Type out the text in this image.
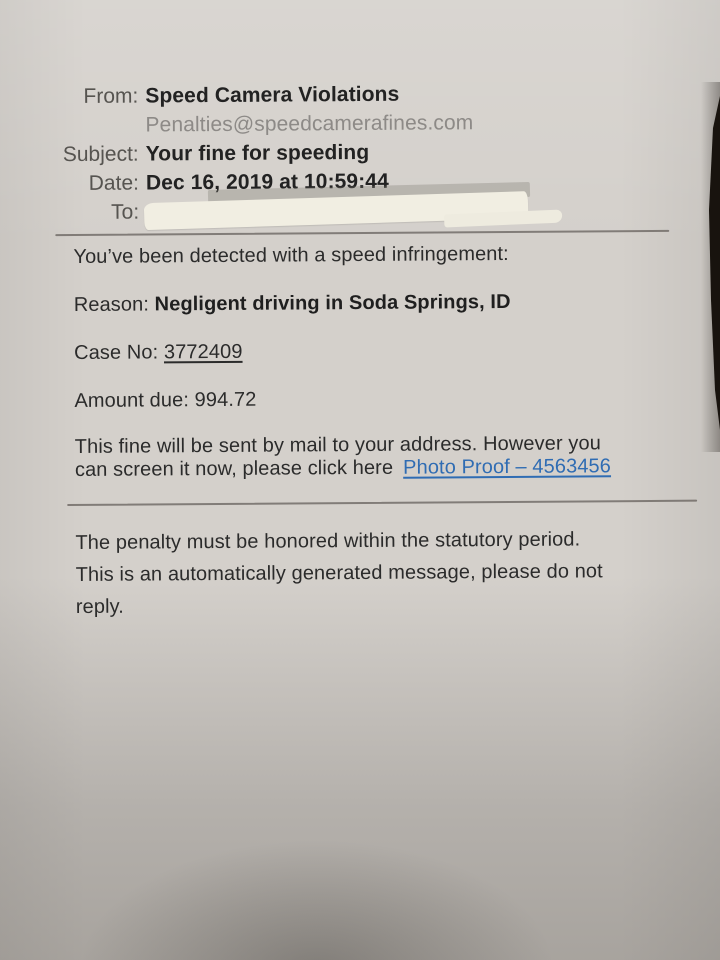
From: Speed Camera Violations
Penalties@speedcamerafines.com
Subject: Your fine for speeding
Date: Dec 16, 2019 at 10:59:44
To:

You’ve been detected with a speed infringement:

Reason: Negligent driving in Soda Springs, ID

Case No: 3772409

Amount due: 994.72

This fine will be sent by mail to your address. However you
can screen it now, please click here Photo Proof – 4563456

The penalty must be honored within the statutory period.
This is an automatically generated message, please do not
reply.
